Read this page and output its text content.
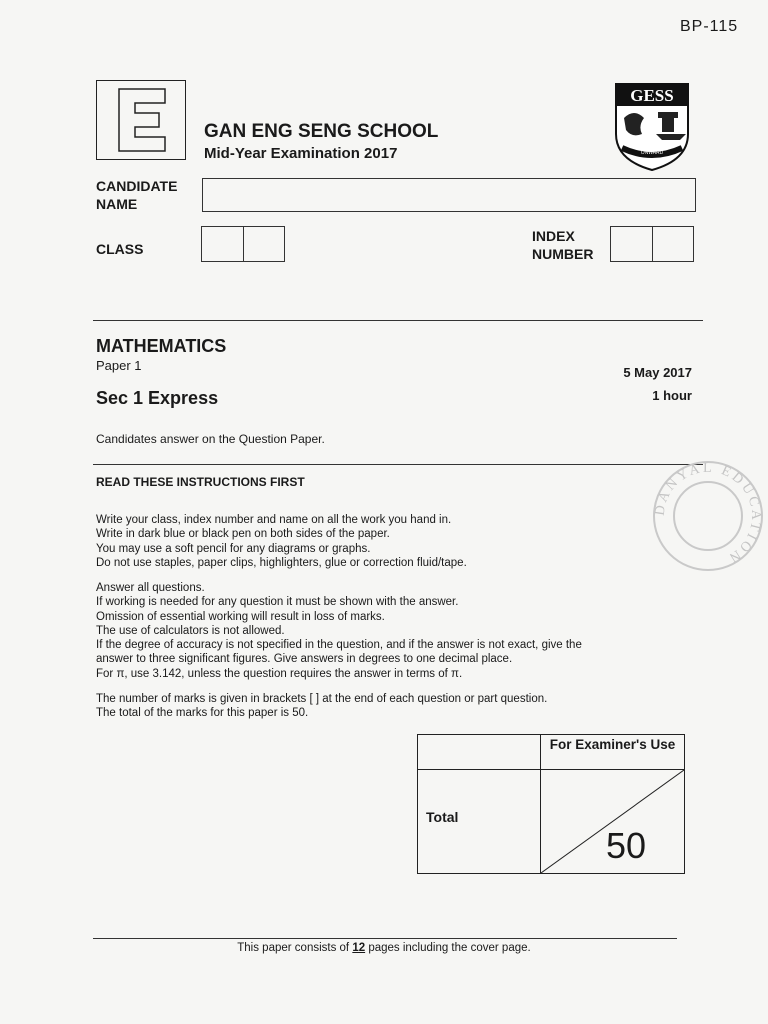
BP-115
GAN ENG SENG SCHOOL
Mid-Year Examination 2017
GESS
ONWARD
CANDIDATE
NAME
CLASS
INDEX
NUMBER
MATHEMATICS
Paper 1	5 May 2017
Sec 1 Express	1 hour
Candidates answer on the Question Paper.
READ THESE INSTRUCTIONS FIRST
Write your class, index number and name on all the work you hand in.
Write in dark blue or black pen on both sides of the paper.
You may use a soft pencil for any diagrams or graphs.
Do not use staples, paper clips, highlighters, glue or correction fluid/tape.
Answer all questions.
If working is needed for any question it must be shown with the answer.
Omission of essential working will result in loss of marks.
The use of calculators is not allowed.
If the degree of accuracy is not specified in the question, and if the answer is not exact, give the
answer to three significant figures. Give answers in degrees to one decimal place.
For π, use 3.142, unless the question requires the answer in terms of π.
The number of marks is given in brackets [ ] at the end of each question or part question.
The total of the marks for this paper is 50.
DANYAL EDUCATION
For Examiner's Use
Total
50
This paper consists of 12 pages including the cover page.
